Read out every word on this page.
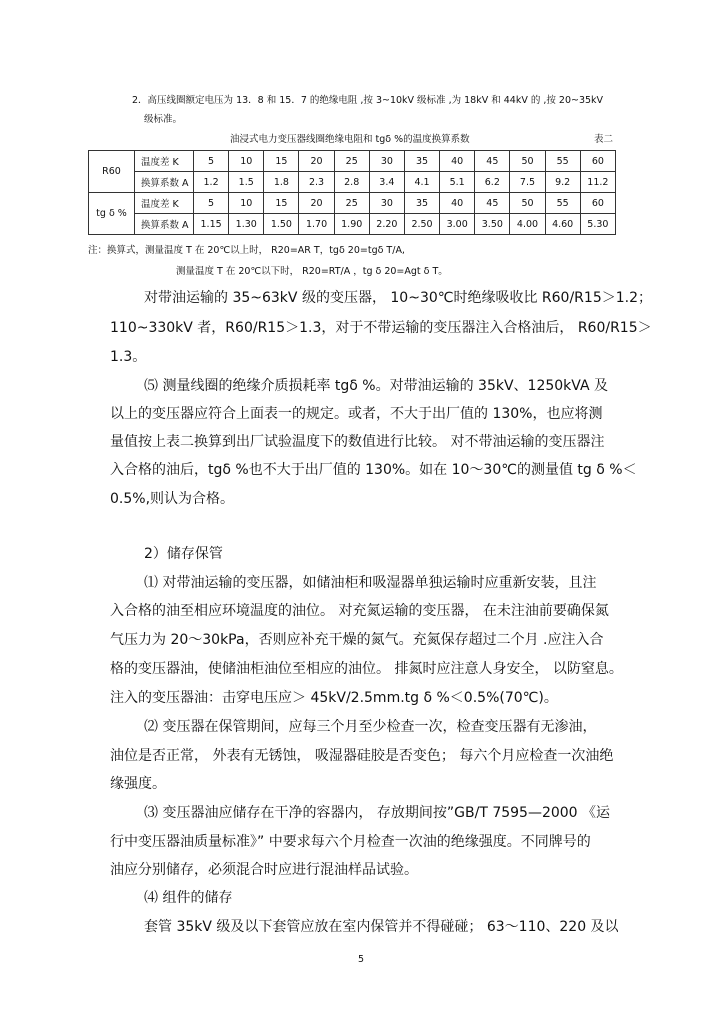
2．高压线圈额定电压为 13．8 和 15．7 的绝缘电阻 ,按 3~10kV 级标准 ,为 18kV 和 44kV 的 ,按 20~35kV
级标准。
油浸式电力变压器线圈绝缘电阻和 tgδ %的温度换算系数	表二
R60	温度差 K	5	10	15	20	25	30	35	40	45	50	55	60
	换算系数 A	1.2	1.5	1.8	2.3	2.8	3.4	4.1	5.1	6.2	7.5	9.2	11.2
tg δ %	温度差 K	5	10	15	20	25	30	35	40	45	50	55	60
	换算系数 A	1.15	1.30	1.50	1.70	1.90	2.20	2.50	3.00	3.50	4.00	4.60	5.30
注：换算式，测量温度 T 在 20℃以上时， R20=AR T，tgδ 20=tgδ T/A,
测量温度 T 在 20℃以下时， R20=RT/A ，tg δ 20=Agt δ T。
对带油运输的 35~63kV 级的变压器， 10~30℃时绝缘吸收比 R60/R15＞1.2；
110~330kV 者，R60/R15＞1.3，对于不带运输的变压器注入合格油后， R60/R15＞
1.3。
⑸ 测量线圈的绝缘介质损耗率 tgδ %。对带油运输的 35kV、1250kVA 及
以上的变压器应符合上面表一的规定。或者，不大于出厂值的 130%，也应将测
量值按上表二换算到出厂试验温度下的数值进行比较。 对不带油运输的变压器注
入合格的油后，tgδ %也不大于出厂值的 130%。如在 10～30℃的测量值 tg δ %＜
0.5%,则认为合格。
2）储存保管
⑴ 对带油运输的变压器，如储油柜和吸湿器单独运输时应重新安装，且注
入合格的油至相应环境温度的油位。 对充氮运输的变压器， 在未注油前要确保氮
气压力为 20～30kPa，否则应补充干燥的氮气。充氮保存超过二个月 .应注入合
格的变压器油，使储油柜油位至相应的油位。 排氮时应注意人身安全， 以防窒息。
注入的变压器油：击穿电压应＞ 45kV/2.5mm.tg δ %＜0.5%(70℃)。
⑵ 变压器在保管期间，应每三个月至少检查一次，检查变压器有无渗油，
油位是否正常， 外表有无锈蚀， 吸湿器硅胶是否变色； 每六个月应检查一次油绝
缘强度。
⑶ 变压器油应储存在干净的容器内， 存放期间按”GB/T 7595—2000 《运
行中变压器油质量标准》” 中要求每六个月检查一次油的绝缘强度。不同牌号的
油应分别储存，必须混合时应进行混油样品试验。
⑷ 组件的储存
套管 35kV 级及以下套管应放在室内保管并不得碰碰； 63～110、220 及以
5
